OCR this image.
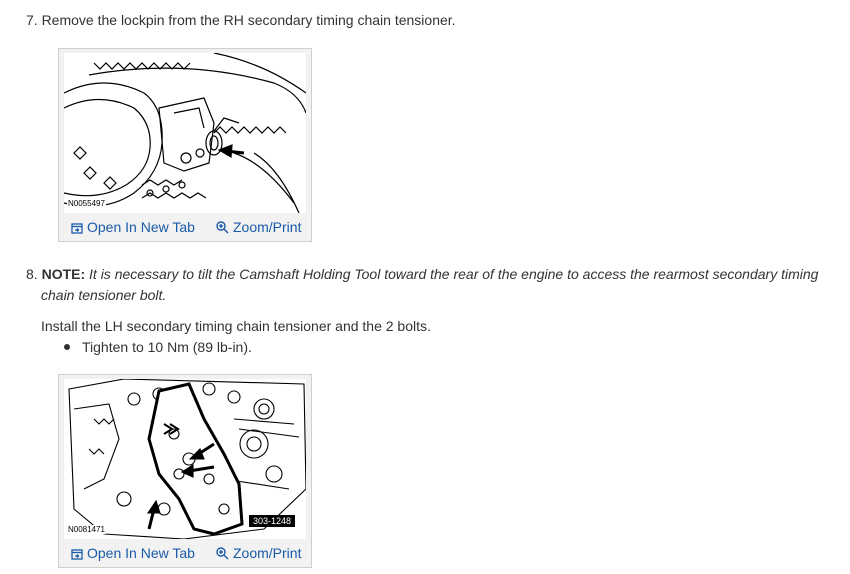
7. Remove the lockpin from the RH secondary timing chain tensioner.
N0055497
Open In New Tab	Zoom/Print
8. NOTE: It is necessary to tilt the Camshaft Holding Tool toward the rear of the engine to access the rearmost secondary timing
chain tensioner bolt.
Install the LH secondary timing chain tensioner and the 2 bolts.
Tighten to 10 Nm (89 lb-in).
303-1248
N0081471
Open In New Tab	Zoom/Print
